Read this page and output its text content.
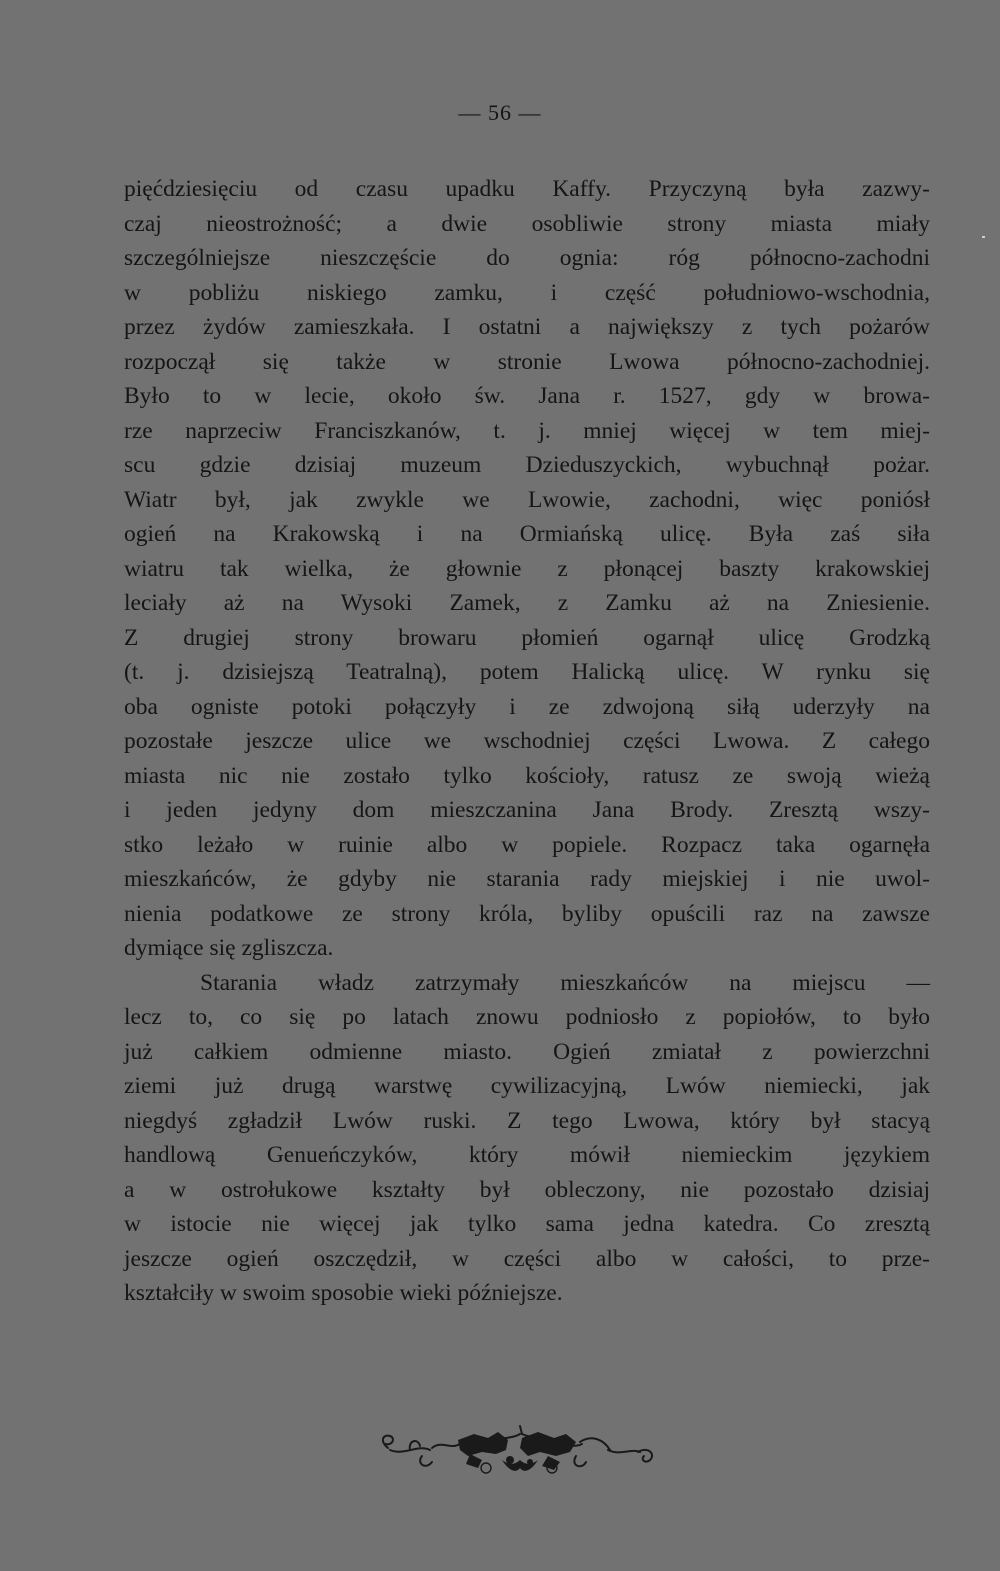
— 56 —
pięćdziesięciu od czasu upadku Kaffy. Przyczyną była zazwy-
czaj nieostrożność; a dwie osobliwie strony miasta miały
szczególniejsze nieszczęście do ognia: róg północno-zachodni
w pobliżu niskiego zamku, i część południowo-wschodnia,
przez żydów zamieszkała. I ostatni a największy z tych pożarów
rozpoczął się także w stronie Lwowa północno-zachodniej.
Było to w lecie, około św. Jana r. 1527, gdy w browa-
rze naprzeciw Franciszkanów, t. j. mniej więcej w tem miej-
scu gdzie dzisiaj muzeum Dzieduszyckich, wybuchnął pożar.
Wiatr był, jak zwykle we Lwowie, zachodni, więc poniósł
ogień na Krakowską i na Ormiańską ulicę. Była zaś siła
wiatru tak wielka, że głownie z płonącej baszty krakowskiej
leciały aż na Wysoki Zamek, z Zamku aż na Zniesienie.
Z drugiej strony browaru płomień ogarnął ulicę Grodzką
(t. j. dzisiejszą Teatralną), potem Halicką ulicę. W rynku się
oba ogniste potoki połączyły i ze zdwojoną siłą uderzyły na
pozostałe jeszcze ulice we wschodniej części Lwowa. Z całego
miasta nic nie zostało tylko kościoły, ratusz ze swoją wieżą
i jeden jedyny dom mieszczanina Jana Brody. Zresztą wszy-
stko leżało w ruinie albo w popiele. Rozpacz taka ogarnęła
mieszkańców, że gdyby nie starania rady miejskiej i nie uwol-
nienia podatkowe ze strony króla, byliby opuścili raz na zawsze
dymiące się zgliszcza.
Starania władz zatrzymały mieszkańców na miejscu —
lecz to, co się po latach znowu podniosło z popiołów, to było
już całkiem odmienne miasto. Ogień zmiatał z powierzchni
ziemi już drugą warstwę cywilizacyjną, Lwów niemiecki, jak
niegdyś zgładził Lwów ruski. Z tego Lwowa, który był stacyą
handlową Genueńczyków, który mówił niemieckim językiem
a w ostrołukowe kształty był obleczony, nie pozostało dzisiaj
w istocie nie więcej jak tylko sama jedna katedra. Co zresztą
jeszcze ogień oszczędził, w części albo w całości, to prze-
kształciły w swoim sposobie wieki późniejsze.
